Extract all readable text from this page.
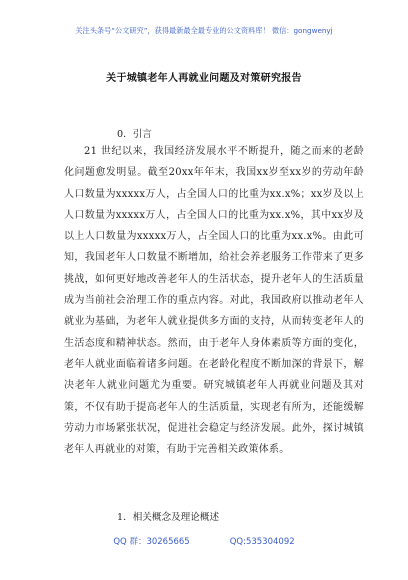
关注头条号“公文研究”，获得最新最全最专业的公文资料库！ 微信：gongwenyj
关于城镇老年人再就业问题及对策研究报告
0．引言

21 世纪以来，我国经济发展水平不断提升，随之而来的老龄化问题愈发明显。截至20xx年年末，我国xx岁至xx岁的劳动年龄人口数量为xxxxx万人，占全国人口的比重为xx.x%；xx岁及以上人口数量为xxxxx万人，占全国人口的比重为xx.x%，其中xx岁及以上人口数量为xxxxx万人，占全国人口的比重为xx.x%。由此可知，我国老年人口数量不断增加，给社会养老服务工作带来了更多挑战，如何更好地改善老年人的生活状态，提升老年人的生活质量成为当前社会治理工作的重点内容。对此，我国政府以推动老年人就业为基础，为老年人就业提供多方面的支持，从而转变老年人的生活态度和精神状态。然而，由于老年人身体素质等方面的变化，老年人就业面临着诸多问题。在老龄化程度不断加深的背景下，解决老年人就业问题尤为重要。研究城镇老年人再就业问题及其对策，不仅有助于提高老年人的生活质量，实现老有所为，还能缓解劳动力市场紧张状况，促进社会稳定与经济发展。此外，探讨城镇老年人再就业的对策，有助于完善相关政策体系。

1．相关概念及理论概述
QQ 群：30265665	QQ:535304092
